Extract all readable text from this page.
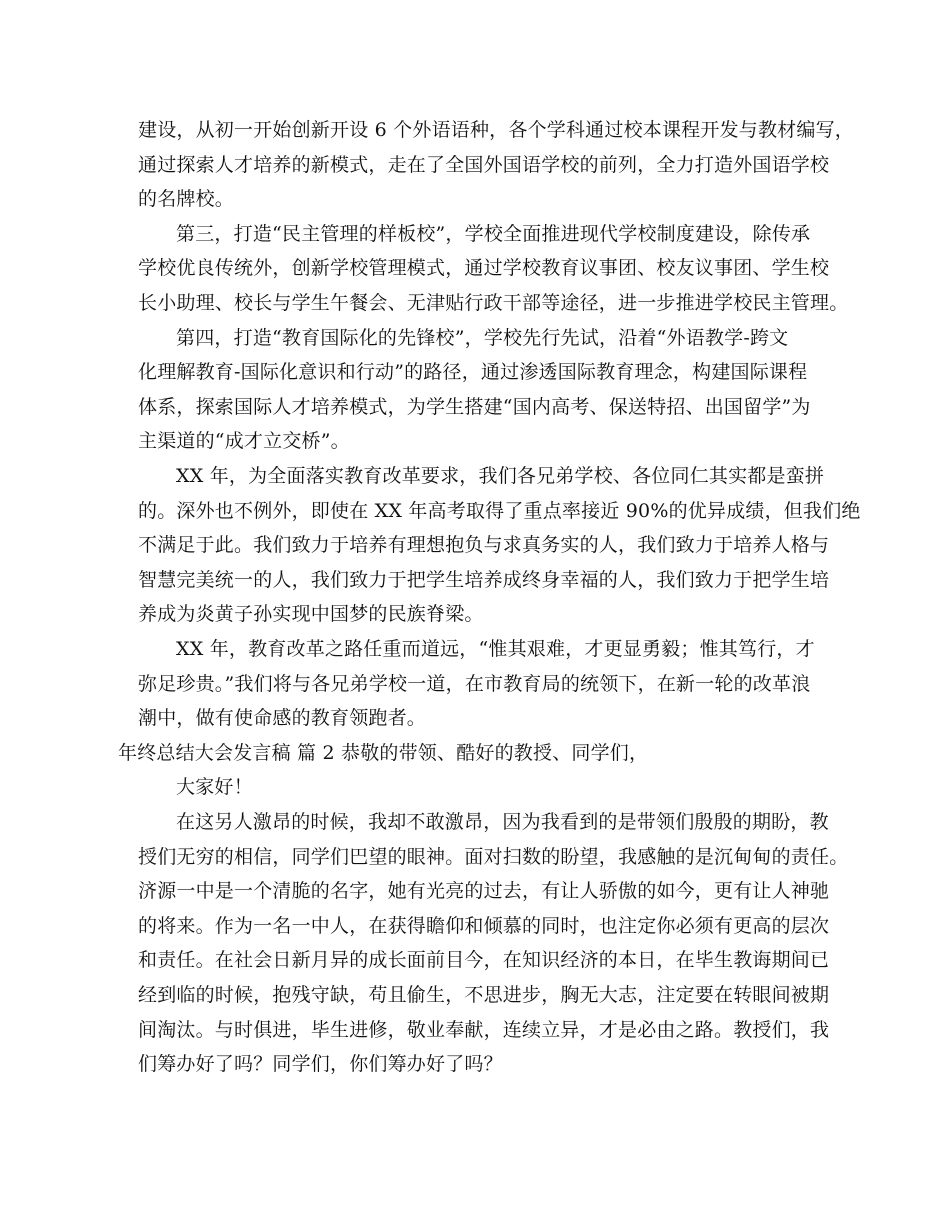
建设，从初一开始创新开设 6 个外语语种，各个学科通过校本课程开发与教材编写，
通过探索人才培养的新模式，走在了全国外国语学校的前列，全力打造外国语学校
的名牌校。
第三，打造“民主管理的样板校”，学校全面推进现代学校制度建设，除传承
学校优良传统外，创新学校管理模式，通过学校教育议事团、校友议事团、学生校
长小助理、校长与学生午餐会、无津贴行政干部等途径，进一步推进学校民主管理。
第四，打造“教育国际化的先锋校”，学校先行先试，沿着“外语教学-跨文
化理解教育-国际化意识和行动”的路径，通过渗透国际教育理念，构建国际课程
体系，探索国际人才培养模式，为学生搭建“国内高考、保送特招、出国留学”为
主渠道的“成才立交桥”。
XX 年，为全面落实教育改革要求，我们各兄弟学校、各位同仁其实都是蛮拼
的。深外也不例外，即使在 XX 年高考取得了重点率接近 90%的优异成绩，但我们绝
不满足于此。我们致力于培养有理想抱负与求真务实的人，我们致力于培养人格与
智慧完美统一的人，我们致力于把学生培养成终身幸福的人，我们致力于把学生培
养成为炎黄子孙实现中国梦的民族脊梁。
XX 年，教育改革之路任重而道远，“惟其艰难，才更显勇毅；惟其笃行，才
弥足珍贵。”我们将与各兄弟学校一道，在市教育局的统领下，在新一轮的改革浪
潮中，做有使命感的教育领跑者。
年终总结大会发言稿 篇 2 恭敬的带领、酷好的教授、同学们，
大家好！
在这另人激昂的时候，我却不敢激昂，因为我看到的是带领们殷殷的期盼，教
授们无穷的相信，同学们巴望的眼神。面对扫数的盼望，我感触的是沉甸甸的责任。
济源一中是一个清脆的名字，她有光亮的过去，有让人骄傲的如今，更有让人神驰
的将来。作为一名一中人，在获得瞻仰和倾慕的同时，也注定你必须有更高的层次
和责任。在社会日新月异的成长面前目今，在知识经济的本日，在毕生教诲期间已
经到临的时候，抱残守缺，苟且偷生，不思进步，胸无大志，注定要在转眼间被期
间淘汰。与时俱进，毕生进修，敬业奉献，连续立异，才是必由之路。教授们，我
们筹办好了吗？同学们，你们筹办好了吗？
